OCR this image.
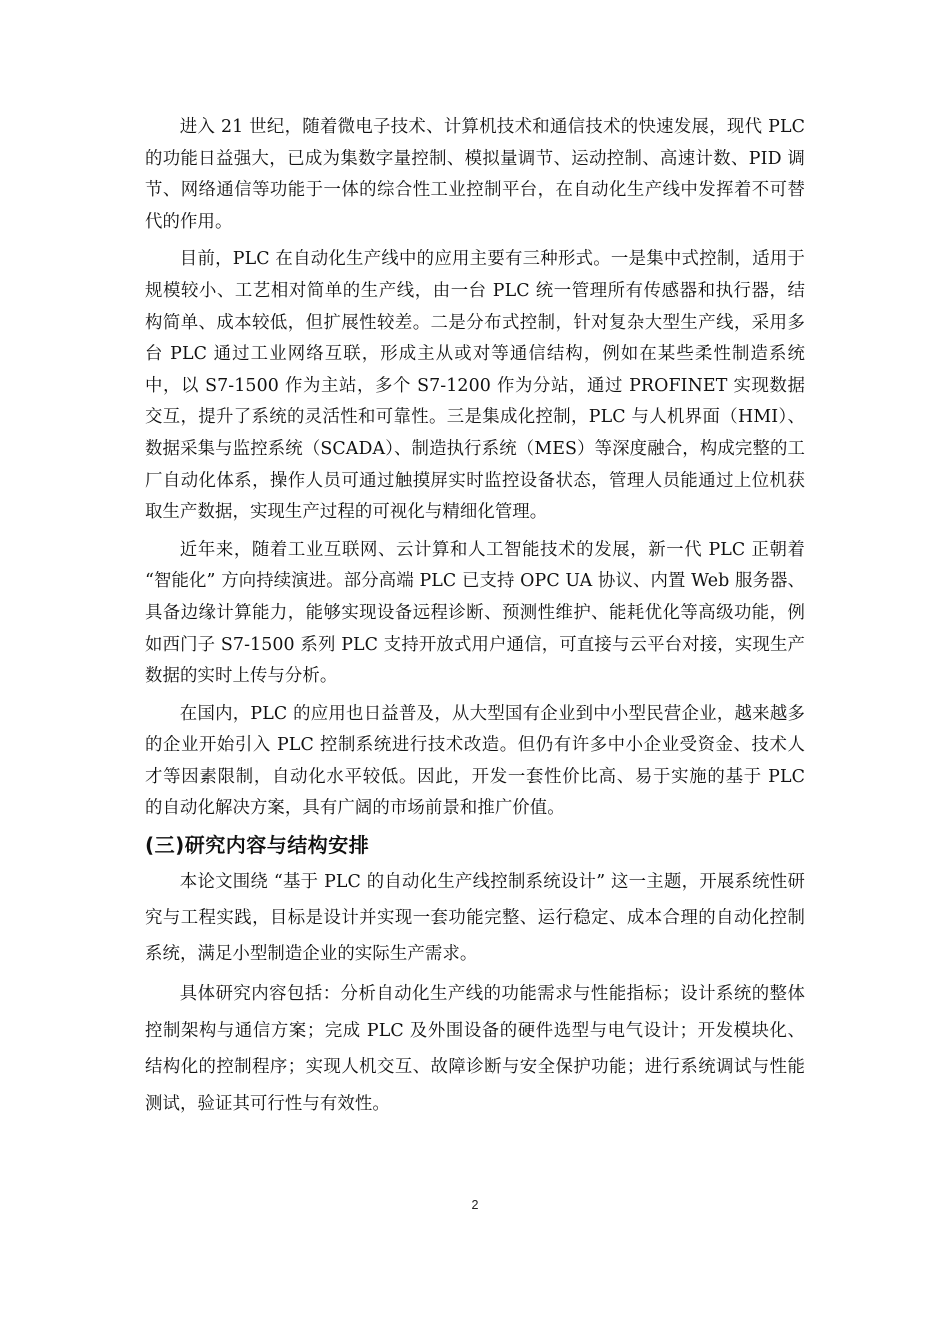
进入 21 世纪，随着微电子技术、计算机技术和通信技术的快速发展，现代 PLC 的功能日益强大，已成为集数字量控制、模拟量调节、运动控制、高速计数、PID 调节、网络通信等功能于一体的综合性工业控制平台，在自动化生产线中发挥着不可替代的作用。

目前，PLC 在自动化生产线中的应用主要有三种形式。一是集中式控制，适用于规模较小、工艺相对简单的生产线，由一台 PLC 统一管理所有传感器和执行器，结构简单、成本较低，但扩展性较差。二是分布式控制，针对复杂大型生产线，采用多台 PLC 通过工业网络互联，形成主从或对等通信结构，例如在某些柔性制造系统中，以 S7-1500 作为主站，多个 S7-1200 作为分站，通过 PROFINET 实现数据交互，提升了系统的灵活性和可靠性。三是集成化控制，PLC 与人机界面（HMI）、数据采集与监控系统（SCADA）、制造执行系统（MES）等深度融合，构成完整的工厂自动化体系，操作人员可通过触摸屏实时监控设备状态，管理人员能通过上位机获取生产数据，实现生产过程的可视化与精细化管理。

近年来，随着工业互联网、云计算和人工智能技术的发展，新一代 PLC 正朝着 “智能化” 方向持续演进。部分高端 PLC 已支持 OPC UA 协议、内置 Web 服务器、具备边缘计算能力，能够实现设备远程诊断、预测性维护、能耗优化等高级功能，例如西门子 S7-1500 系列 PLC 支持开放式用户通信，可直接与云平台对接，实现生产数据的实时上传与分析。

在国内，PLC 的应用也日益普及，从大型国有企业到中小型民营企业，越来越多的企业开始引入 PLC 控制系统进行技术改造。但仍有许多中小企业受资金、技术人才等因素限制，自动化水平较低。因此，开发一套性价比高、易于实施的基于 PLC 的自动化解决方案，具有广阔的市场前景和推广价值。

(三)研究内容与结构安排

本论文围绕 “基于 PLC 的自动化生产线控制系统设计” 这一主题，开展系统性研究与工程实践，目标是设计并实现一套功能完整、运行稳定、成本合理的自动化控制系统，满足小型制造企业的实际生产需求。

具体研究内容包括：分析自动化生产线的功能需求与性能指标；设计系统的整体控制架构与通信方案；完成 PLC 及外围设备的硬件选型与电气设计；开发模块化、结构化的控制程序；实现人机交互、故障诊断与安全保护功能；进行系统调试与性能测试，验证其可行性与有效性。

2
